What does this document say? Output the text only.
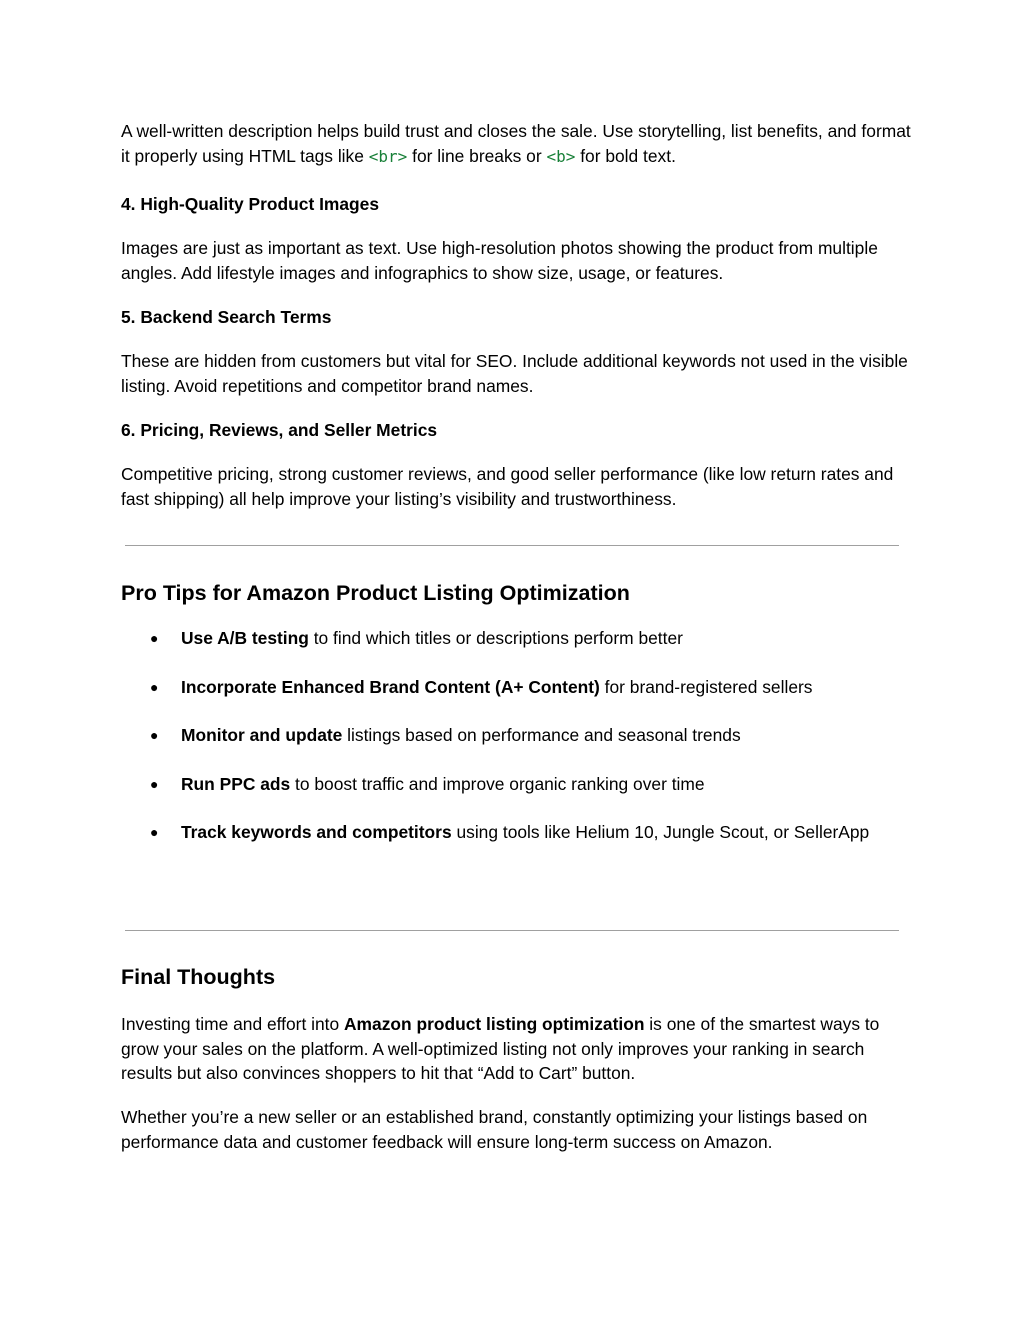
A well-written description helps build trust and closes the sale. Use storytelling, list benefits, and format it properly using HTML tags like <br> for line breaks or <b> for bold text.

4. High-Quality Product Images

Images are just as important as text. Use high-resolution photos showing the product from multiple angles. Add lifestyle images and infographics to show size, usage, or features.

5. Backend Search Terms

These are hidden from customers but vital for SEO. Include additional keywords not used in the visible listing. Avoid repetitions and competitor brand names.

6. Pricing, Reviews, and Seller Metrics

Competitive pricing, strong customer reviews, and good seller performance (like low return rates and fast shipping) all help improve your listing’s visibility and trustworthiness.

Pro Tips for Amazon Product Listing Optimization
● Use A/B testing to find which titles or descriptions perform better
● Incorporate Enhanced Brand Content (A+ Content) for brand-registered sellers
● Monitor and update listings based on performance and seasonal trends
● Run PPC ads to boost traffic and improve organic ranking over time
● Track keywords and competitors using tools like Helium 10, Jungle Scout, or SellerApp
Final Thoughts

Investing time and effort into Amazon product listing optimization is one of the smartest ways to grow your sales on the platform. A well-optimized listing not only improves your ranking in search results but also convinces shoppers to hit that “Add to Cart” button.

Whether you’re a new seller or an established brand, constantly optimizing your listings based on performance data and customer feedback will ensure long-term success on Amazon.
